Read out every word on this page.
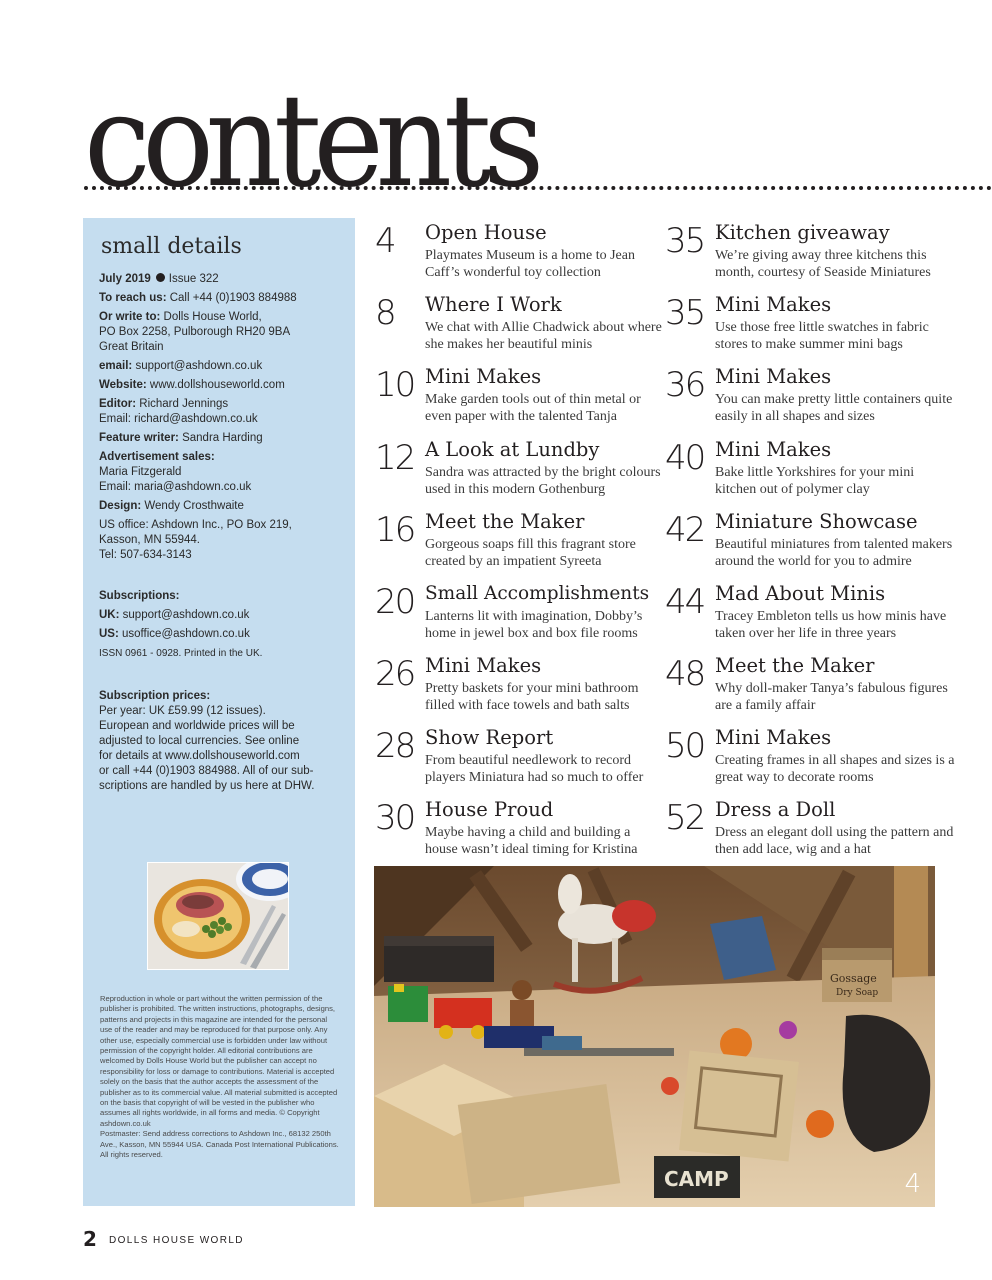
contents
small details
July 2019 Issue 322
To reach us: Call +44 (0)1903 884988
Or write to: Dolls House World,
PO Box 2258, Pulborough RH20 9BA
Great Britain
email: support@ashdown.co.uk
Website: www.dollshouseworld.com
Editor: Richard Jennings
Email: richard@ashdown.co.uk
Feature writer: Sandra Harding
Advertisement sales:
Maria Fitzgerald
Email: maria@ashdown.co.uk
Design: Wendy Crosthwaite
US office: Ashdown Inc., PO Box 219,
Kasson, MN 55944.
Tel: 507-634-3143
Subscriptions:
UK: support@ashdown.co.uk
US: usoffice@ashdown.co.uk
ISSN 0961 - 0928. Printed in the UK.
Subscription prices:
Per year: UK £59.99 (12 issues).
European and worldwide prices will be
adjusted to local currencies. See online
for details at www.dollshouseworld.com
or call +44 (0)1903 884988. All of our sub-
scriptions are handled by us here at DHW.
Reproduction in whole or part without the written permission of the publisher is prohibited. The written instructions, photographs, designs, patterns and projects in this magazine are intended for the personal use of the reader and may be reproduced for that purpose only. Any other use, especially commercial use is forbidden under law without permission of the copyright holder. All editorial contributions are welcomed by Dolls House World but the publisher can accept no responsibility for loss or damage to contributions. Material is accepted solely on the basis that the author accepts the assessment of the publisher as to its commercial value. All material submitted is accepted on the basis that copyright of will be vested in the publisher who assumes all rights worldwide, in all forms and media. © Copyright ashdown.co.uk
Postmaster: Send address corrections to Ashdown Inc., 68132 250th Ave., Kasson, MN 55944 USA. Canada Post International Publications. All rights reserved.
4	Open House
Playmates Museum is a home to Jean Caff’s wonderful toy collection
8	Where I Work
We chat with Allie Chadwick about where she makes her beautiful minis
10 Mini Makes
Make garden tools out of thin metal or even paper with the talented Tanja
12 A Look at Lundby
Sandra was attracted by the bright colours used in this modern Gothenburg
16 Meet the Maker
Gorgeous soaps fill this fragrant store created by an impatient Syreeta
20 Small Accomplishments
Lanterns lit with imagination, Dobby’s home in jewel box and box file rooms
26 Mini Makes
Pretty baskets for your mini bathroom filled with face towels and bath salts
28 Show Report
From beautiful needlework to record players Miniatura had so much to offer
30 House Proud
Maybe having a child and building a house wasn’t ideal timing for Kristina
35 Kitchen giveaway
We’re giving away three kitchens this month, courtesy of Seaside Miniatures
35 Mini Makes
Use those free little swatches in fabric stores to make summer mini bags
36 Mini Makes
You can make pretty little containers quite easily in all shapes and sizes
40 Mini Makes
Bake little Yorkshires for your mini kitchen out of polymer clay
42 Miniature Showcase
Beautiful miniatures from talented makers around the world for you to admire
44 Mad About Minis
Tracey Embleton tells us how minis have taken over her life in three years
48 Meet the Maker
Why doll-maker Tanya’s fabulous figures are a family affair
50 Mini Makes
Creating frames in all shapes and sizes is a great way to decorate rooms
52 Dress a Doll
Dress an elegant doll using the pattern and then add lace, wig and a hat
Gossage
Dry Soap
CAMP	4
2 DOLLS HOUSE WORLD
